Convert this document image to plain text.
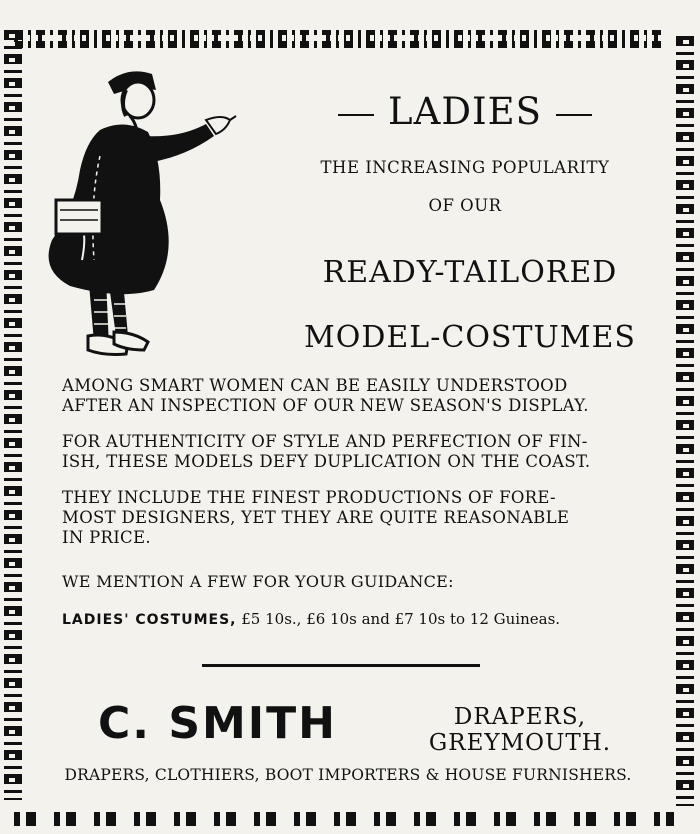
LADIES
THE INCREASING POPULARITY
OF OUR
READY-TAILORED
MODEL-COSTUMES
AMONG SMART WOMEN CAN BE EASILY UNDERSTOOD
AFTER AN INSPECTION OF OUR NEW SEASON'S DISPLAY.
FOR AUTHENTICITY OF STYLE AND PERFECTION OF FIN-
ISH, THESE MODELS DEFY DUPLICATION ON THE COAST.
THEY INCLUDE THE FINEST PRODUCTIONS OF FORE-
MOST DESIGNERS, YET THEY ARE QUITE REASONABLE
IN PRICE.
WE MENTION A FEW FOR YOUR GUIDANCE:
LADIES' COSTUMES, £5 10s., £6 10s and £7 10s to 12 Guineas.
C. SMITH	DRAPERS,
GREYMOUTH.
DRAPERS, CLOTHIERS, BOOT IMPORTERS & HOUSE FURNISHERS.
